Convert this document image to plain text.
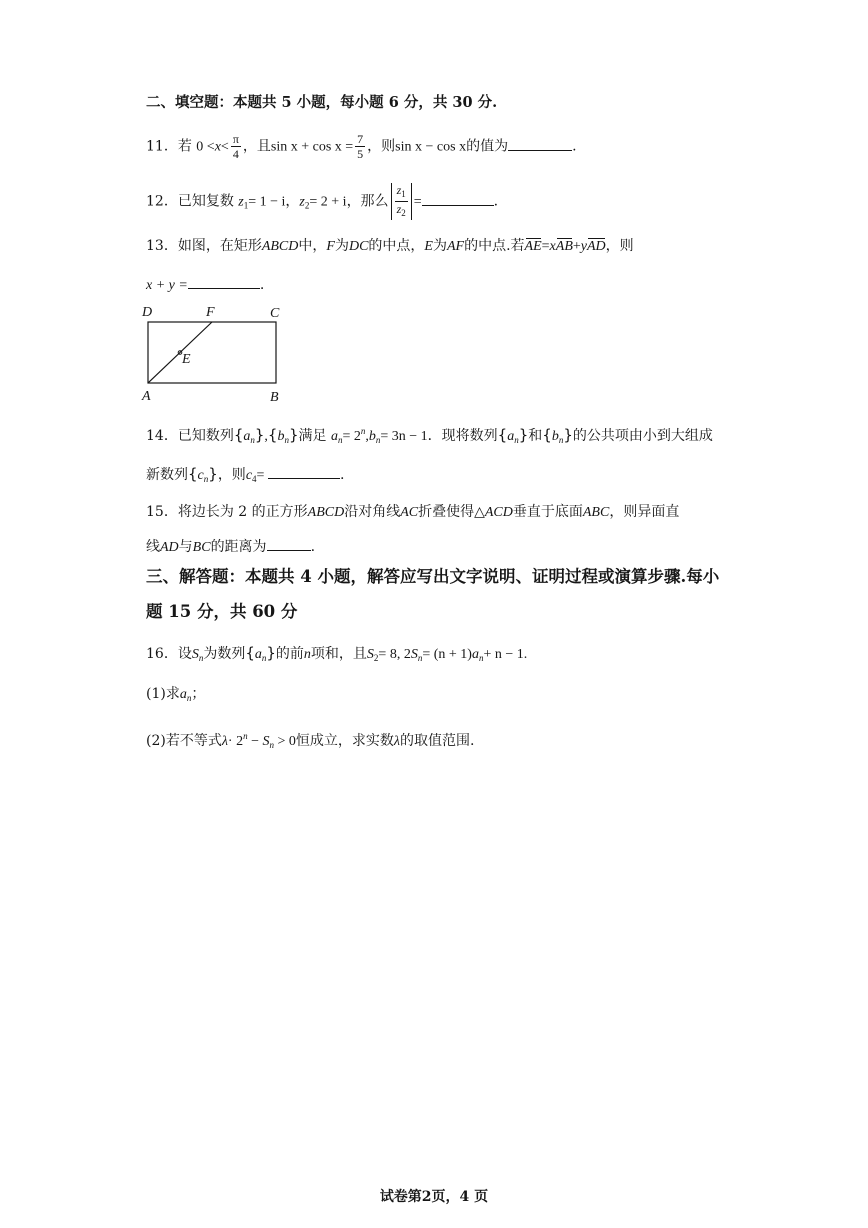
二、填空题：本题共 5 小题，每小题 6 分，共 30 分.
11．若 $0 <x< \frac{\pi}{4}$ ，且$\sin x + \cos x = \frac{7}{5}$ ，则sin x − cos x的值为	.
12．已知复数 $z_1= 1 - i$，$z_2= 2 + i$，那么 $\frac{z_1}{z_2}$ =	.
13．如图，在矩形ABCD中，F为DC的中点，E为AF的中点.若AE=xAB+yAD，则
x + y =	.
D	F	C
E
A	B
14．已知数列$\{a_n\},\{b_n\}$满足 $a_n= 2^n,b_n= 3n - 1$．现将数列$\{a_n\}$和$\{b_n\}$的公共项由小到大组成
新数列$\{c_n\}$，则$c_4=$	.
15．将边长为 2 的正方形ABCD沿对角线AC折叠使得△ACD垂直于底面ABC，则异面直
线AD与BC的距离为	.
三、解答题：本题共 4 小题，解答应写出文字说明、证明过程或演算步骤.每小
题 15 分，共 60 分
16．设$S_n$为数列$\{a_n\}$的前n项和，且$S_2= 8$, $2S_n= (n + 1)a_n+ n - 1$.
(1)求$a_n$；
(2)若不等式$\lambda\cdot 2^n - S_n > 0$恒成立，求实数λ的取值范围.
试卷第2页，4 页
